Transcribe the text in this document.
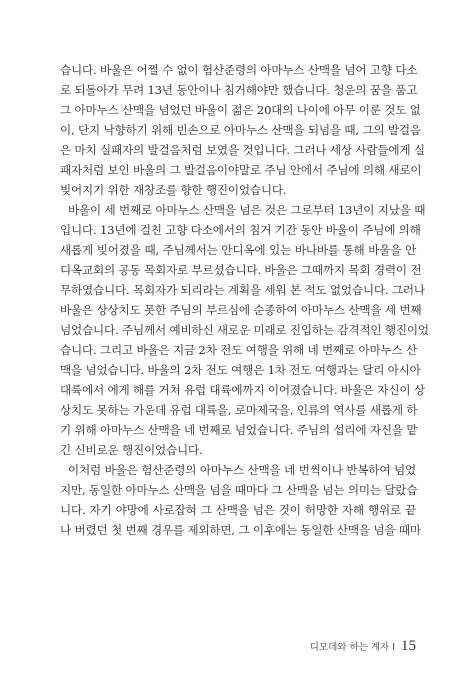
습니다. 바울은 어쩔 수 없이 험산준령의 아마누스 산맥을 넘어 고향 다소
로 되돌아가 무려 13년 동안이나 침거해야만 했습니다. 청운의 꿈을 품고
그 아마누스 산맥을 넘었던 바울이 젊은 20대의 나이에 아무 이룬 것도 없
이, 단지 낙향하기 위해 빈손으로 아마누스 산맥을 되넘을 때, 그의 발걸음
은 마치 실패자의 발걸음처럼 보였을 것입니다. 그러나 세상 사람들에게 실
패자처럼 보인 바울의 그 발걸음이야말로 주님 안에서 주님에 의해 새로이
빚어지기 위한 재창조를 향한 행진이었습니다.
바울이 세 번째로 아마누스 산맥을 넘은 것은 그로부터 13년이 지났을 때
입니다. 13년에 걸친 고향 다소에서의 침거 기간 동안 바울이 주님에 의해
새롭게 빚어졌을 때, 주님께서는 안디옥에 있는 바나바를 통해 바울을 안
디옥교회의 공동 목회자로 부르셨습니다. 바울은 그때까지 목회 경력이 전
무하였습니다. 목회자가 되리라는 계획을 세워 본 적도 없었습니다. 그러나
바울은 상상치도 못한 주님의 부르심에 순종하여 아마누스 산맥을 세 번째
넘었습니다. 주님께서 예비하신 새로운 미래로 진입하는 감격적인 행진이었
습니다. 그리고 바울은 지금 2차 전도 여행을 위해 네 번째로 아마누스 산
맥을 넘었습니다. 바울의 2차 전도 여행은 1차 전도 여행과는 달리 아시아
대륙에서 에게 해를 거쳐 유럽 대륙에까지 이어졌습니다. 바울은 자신이 상
상치도 못하는 가운데 유럽 대륙을, 로마제국을, 인류의 역사를 새롭게 하
기 위해 아마누스 산맥을 네 번째로 넘었습니다. 주님의 섭리에 자신을 맡
긴 신비로운 행진이었습니다.
이처럼 바울은 험산준령의 아마누스 산맥을 네 번씩이나 반복하여 넘었
지만, 동일한 아마누스 산맥을 넘을 때마다 그 산맥을 넘는 의미는 달랐습
니다. 자기 야망에 사로잡혀 그 산맥을 넘은 것이 허망한 자해 행위로 끝
나 버렸던 첫 번째 경우를 제외하면, 그 이후에는 동일한 산맥을 넘을 때마
디모데와 하는 계자 I 15
